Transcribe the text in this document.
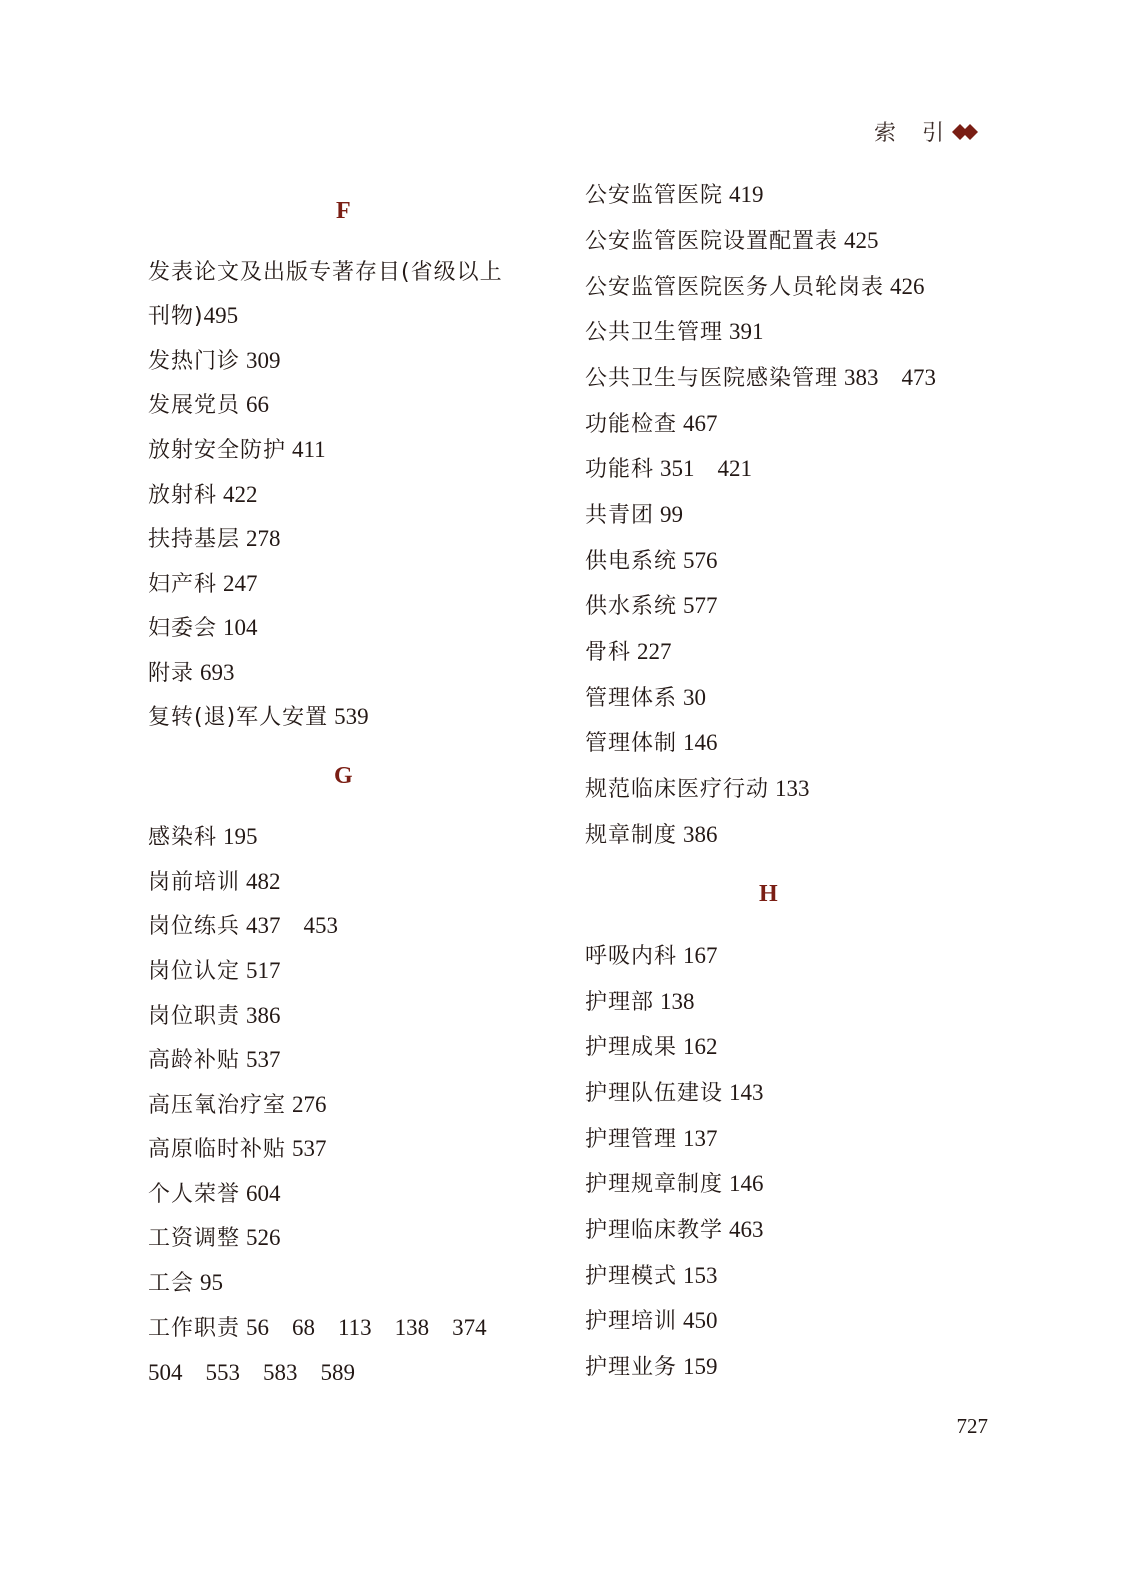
索　引
F
发表论文及出版专著存目(省级以上
刊物)495
发热门诊 309
发展党员 66
放射安全防护 411
放射科 422
扶持基层 278
妇产科 247
妇委会 104
附录 693
复转(退)军人安置 539
G
感染科 195
岗前培训 482
岗位练兵 437　453
岗位认定 517
岗位职责 386
高龄补贴 537
高压氧治疗室 276
高原临时补贴 537
个人荣誉 604
工资调整 526
工会 95
工作职责 56　68　113　138　374
504　553　583　589
公安监管医院 419
公安监管医院设置配置表 425
公安监管医院医务人员轮岗表 426
公共卫生管理 391
公共卫生与医院感染管理 383　473
功能检查 467
功能科 351　421
共青团 99
供电系统 576
供水系统 577
骨科 227
管理体系 30
管理体制 146
规范临床医疗行动 133
规章制度 386
H
呼吸内科 167
护理部 138
护理成果 162
护理队伍建设 143
护理管理 137
护理规章制度 146
护理临床教学 463
护理模式 153
护理培训 450
护理业务 159
727
